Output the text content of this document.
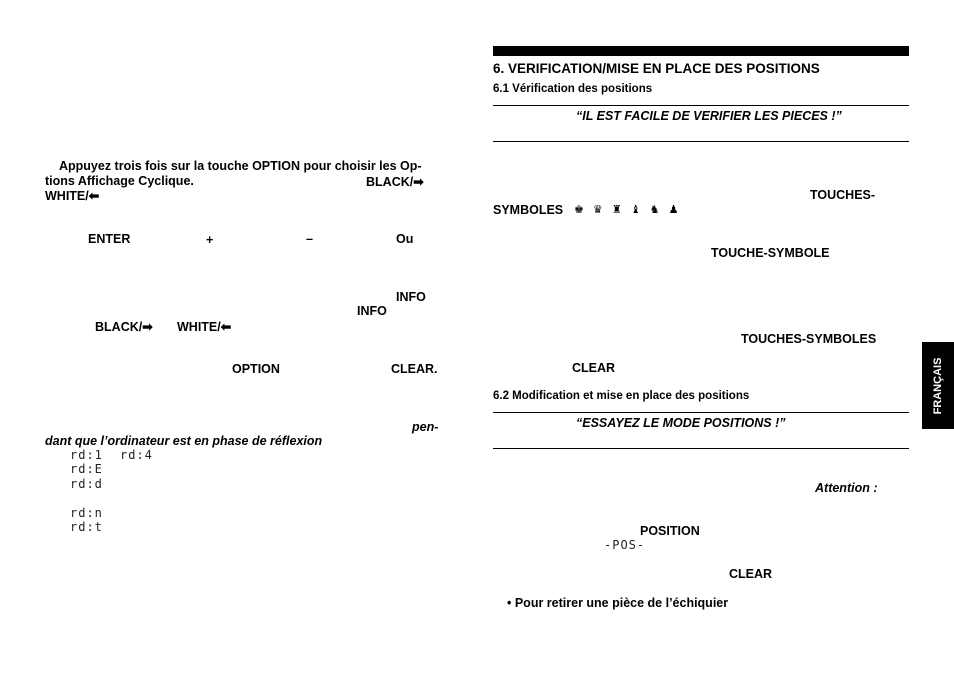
Appuyez trois fois sur la touche OPTION pour choisir les Op-
tions Affichage Cyclique.	BLACK/➡
WHITE/⬅
ENTER	+	–	Ou
INFO
INFO
BLACK/➡ WHITE/⬅
OPTION	CLEAR.
pen-
dant que l’ordinateur est en phase de réflexion
rd:1 rd:4
rd:E
rd:d
rd:n
rd:t
6. VERIFICATION/MISE EN PLACE DES POSITIONS
6.1 Vérification des positions
“IL EST FACILE DE VERIFIER LES PIECES !”
TOUCHES-
SYMBOLES ♚ ♛ ♜ ♝ ♞ ♟
TOUCHE-SYMBOLE
TOUCHES-SYMBOLES
CLEAR
6.2 Modification et mise en place des positions
“ESSAYEZ LE MODE POSITIONS !”
Attention :
POSITION
-POS-
CLEAR
• Pour retirer une pièce de l’échiquier
FRANÇAIS
